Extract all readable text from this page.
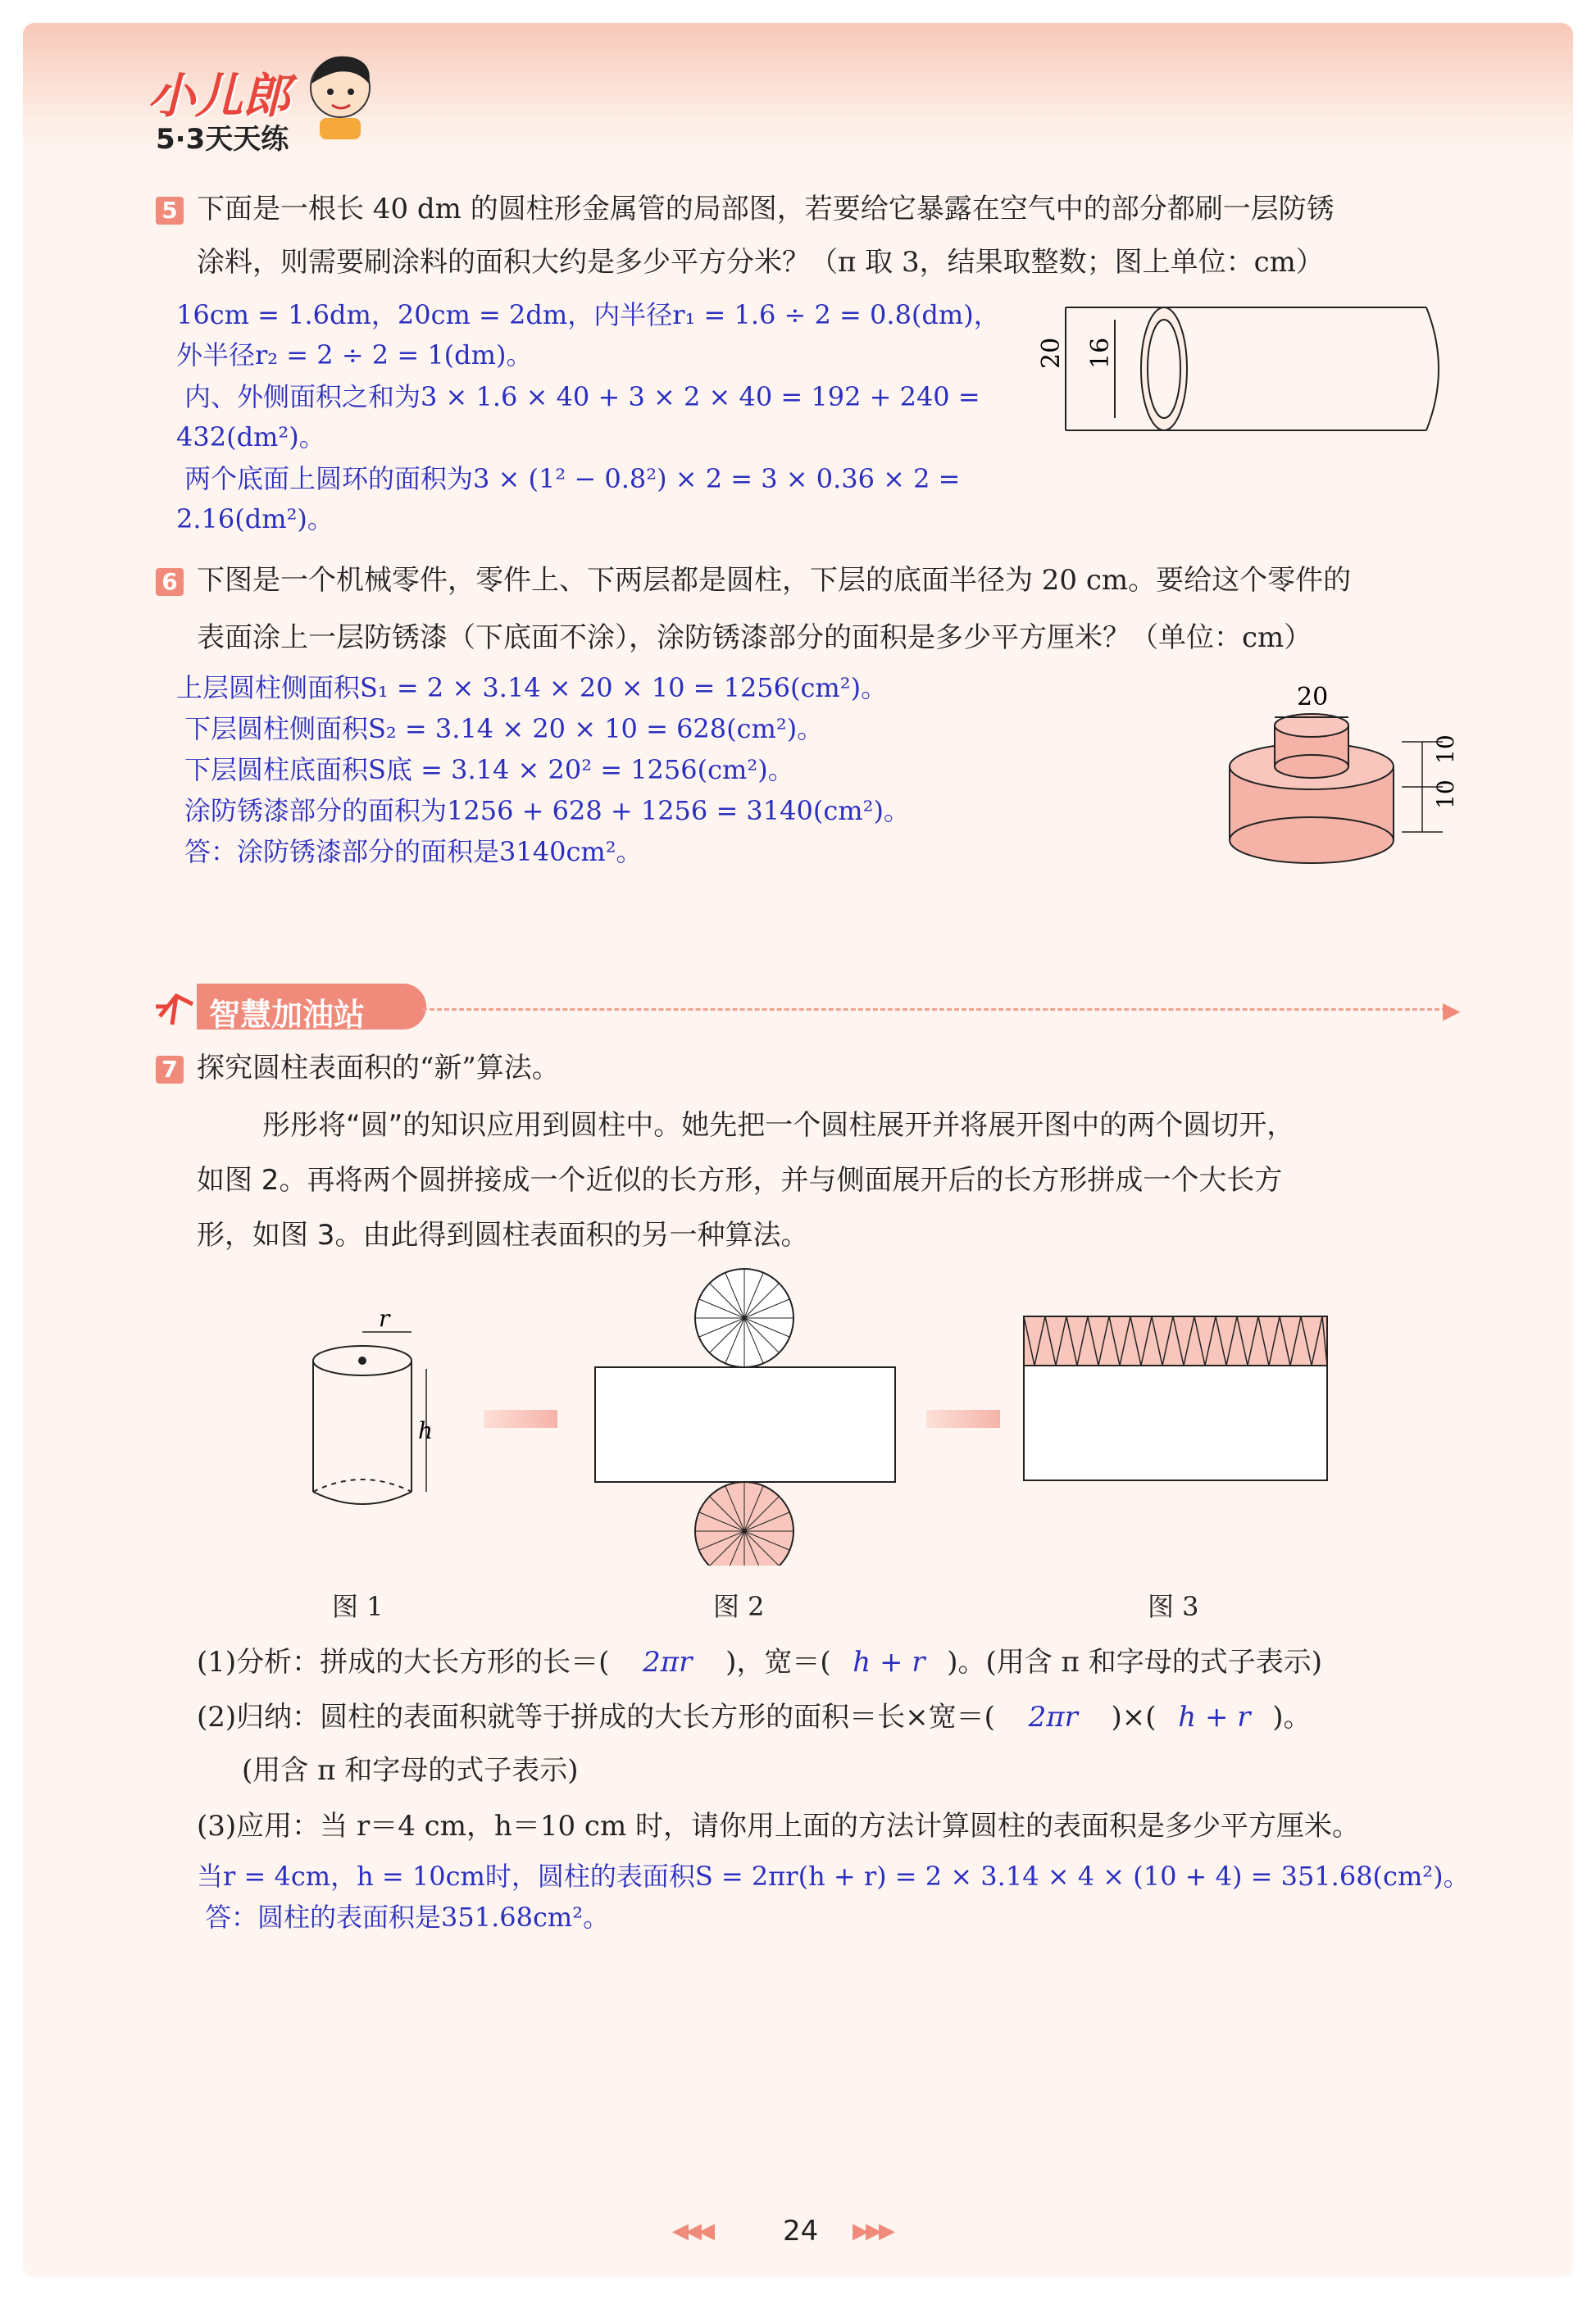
小儿郎
5·3天天练
5 下面是一根长 40 dm 的圆柱形金属管的局部图，若要给它暴露在空气中的部分都刷一层防锈
涂料，则需要刷涂料的面积大约是多少平方分米？（π 取 3，结果取整数；图上单位：cm）
16cm = 1.6dm，20cm = 2dm，内半径r₁ = 1.6 ÷ 2 = 0.8(dm)，
外半径r₂ = 2 ÷ 2 = 1(dm)。
内、外侧面积之和为3 × 1.6 × 40 + 3 × 2 × 40 = 192 + 240 =
432(dm²)。
两个底面上圆环的面积为3 × (1² − 0.8²) × 2 = 3 × 0.36 × 2 =
2.16(dm²)。
20 16
6 下图是一个机械零件，零件上、下两层都是圆柱，下层的底面半径为 20 cm。要给这个零件的
表面涂上一层防锈漆（下底面不涂），涂防锈漆部分的面积是多少平方厘米？（单位：cm）
上层圆柱侧面积S₁ = 2 × 3.14 × 20 × 10 = 1256(cm²)。
下层圆柱侧面积S₂ = 3.14 × 20 × 10 = 628(cm²)。
下层圆柱底面积S底 = 3.14 × 20² = 1256(cm²)。
涂防锈漆部分的面积为1256 + 628 + 1256 = 3140(cm²)。
答：涂防锈漆部分的面积是3140cm²。
20
10
10
智慧加油站	▶
7 探究圆柱表面积的“新”算法。
彤彤将“圆”的知识应用到圆柱中。她先把一个圆柱展开并将展开图中的两个圆切开，
如图 2。再将两个圆拼接成一个近似的长方形，并与侧面展开后的长方形拼成一个大长方
形，如图 3。由此得到圆柱表面积的另一种算法。
r
h
图 1	图 2	图 3
(1)分析：拼成的大长方形的长＝( 2πr )，宽＝( h + r )。(用含 π 和字母的式子表示)
(2)归纳：圆柱的表面积就等于拼成的大长方形的面积＝长×宽＝( 2πr )×( h + r )。
(用含 π 和字母的式子表示)
(3)应用：当 r＝4 cm，h＝10 cm 时，请你用上面的方法计算圆柱的表面积是多少平方厘米。
当r = 4cm，h = 10cm时，圆柱的表面积S = 2πr(h + r) = 2 × 3.14 × 4 × (10 + 4) = 351.68(cm²)。
答：圆柱的表面积是351.68cm²。
◀◀◀	24 ▶▶▶
